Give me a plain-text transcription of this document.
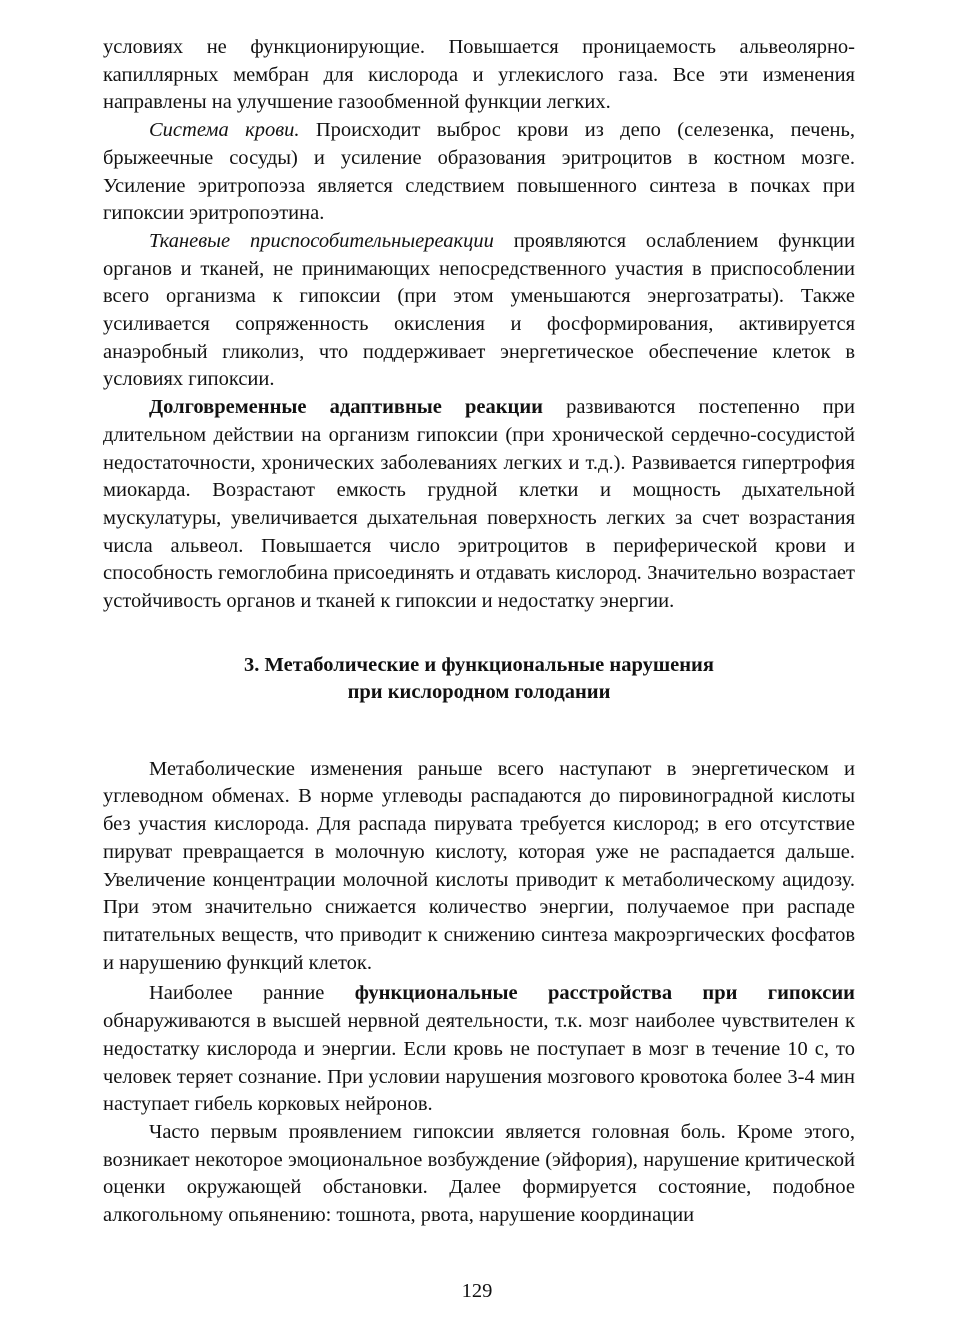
условиях не функционирующие. Повышается проницаемость альвеолярно-капиллярных мембран для кислорода и углекислого газа. Все эти изменения направлены на улучшение газообменной функции легких.

Система крови. Происходит выброс крови из депо (селезенка, печень, брыжеечные сосуды) и усиление образования эритроцитов в костном мозге. Усиление эритропоэза является следствием повышенного синтеза в почках при гипоксии эритропоэтина.

Тканевые приспособительныереакции проявляются ослаблением функции органов и тканей, не принимающих непосредственного участия в приспособлении всего организма к гипоксии (при этом уменьшаются энергозатраты). Также усиливается сопряженность окисления и фосформирования, активируется анаэробный гликолиз, что поддерживает энергетическое обеспечение клеток в условиях гипоксии.

Долговременные адаптивные реакции развиваются постепенно при длительном действии на организм гипоксии (при хронической сердечно-сосудистой недостаточности, хронических заболеваниях легких и т.д.). Развивается гипертрофия миокарда. Возрастают емкость грудной клетки и мощность дыхательной мускулатуры, увеличивается дыхательная поверхность легких за счет возрастания числа альвеол. Повышается число эритроцитов в периферической крови и способность гемоглобина присоединять и отдавать кислород. Значительно возрастает устойчивость органов и тканей к гипоксии и недостатку энергии.

3. Метаболические и функциональные нарушения
при кислородном голодании

Метаболические изменения раньше всего наступают в энергетическом и углеводном обменах. В норме углеводы распадаются до пировиноградной кислоты без участия кислорода. Для распада пирувата требуется кислород; в его отсутствие пируват превращается в молочную кислоту, которая уже не распадается дальше. Увеличение концентрации молочной кислоты приводит к метаболическому ацидозу. При этом значительно снижается количество энергии, получаемое при распаде питательных веществ, что приводит к снижению синтеза макроэргических фосфатов и нарушению функций клеток.

Наиболее ранние функциональные расстройства при гипоксии обнаруживаются в высшей нервной деятельности, т.к. мозг наиболее чувствителен к недостатку кислорода и энергии. Если кровь не поступает в мозг в течение 10 с, то человек теряет сознание. При условии нарушения мозгового кровотока более 3-4 мин наступает гибель корковых нейронов.

Часто первым проявлением гипоксии является головная боль. Кроме этого, возникает некоторое эмоциональное возбуждение (эйфория), нарушение критической оценки окружающей обстановки. Далее формируется состояние, подобное алкогольному опьянению: тошнота, рвота, нарушение координации

129
